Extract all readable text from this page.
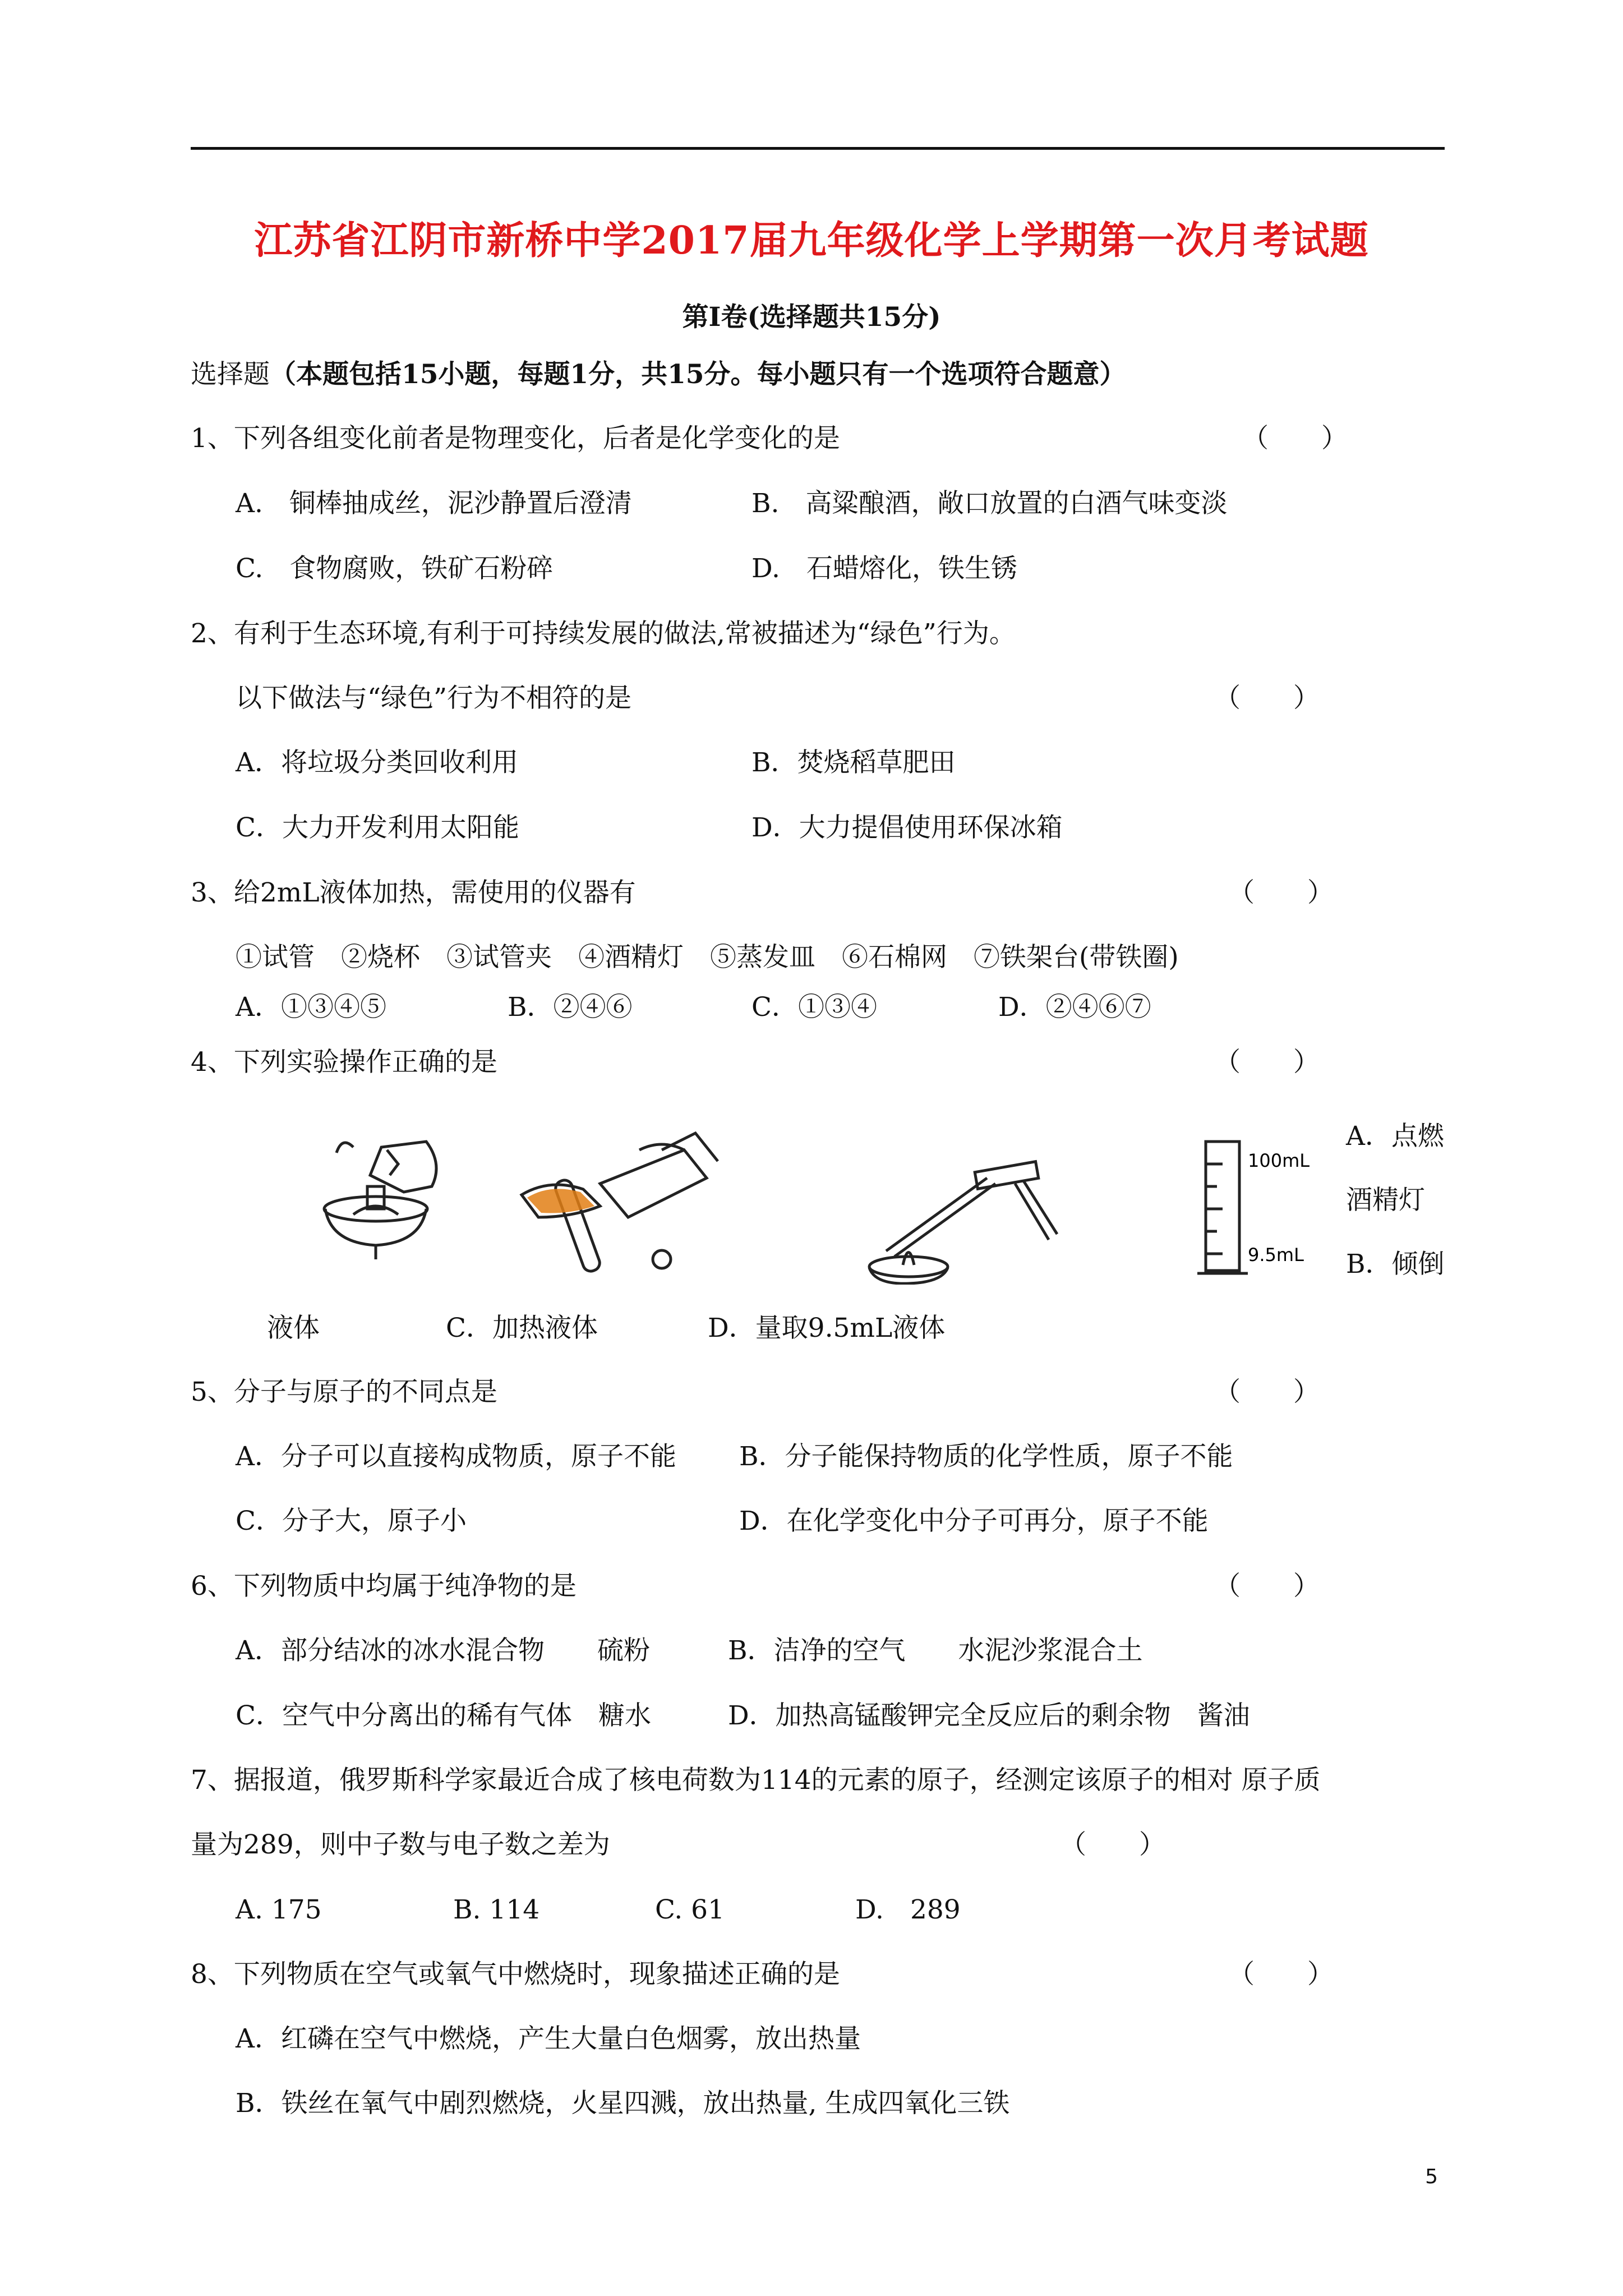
江苏省江阴市新桥中学2017届九年级化学上学期第一次月考试题
第Ⅰ卷(选择题共15分)
选择题（本题包括15小题，每题1分，共15分。每小题只有一个选项符合题意）
1、下列各组变化前者是物理变化，后者是化学变化的是	（　　）
A.　铜棒抽成丝，泥沙静置后澄清	B.　高粱酿酒，敞口放置的白酒气味变淡
C.　食物腐败，铁矿石粉碎	D.　石蜡熔化，铁生锈
2、有利于生态环境,有利于可持续发展的做法,常被描述为“绿色”行为。
以下做法与“绿色”行为不相符的是	（　　）
A．将垃圾分类回收利用	B．焚烧稻草肥田
C．大力开发利用太阳能	D．大力提倡使用环保冰箱
3、给2mL液体加热，需使用的仪器有	（　　）
①试管　②烧杯　③试管夹　④酒精灯　⑤蒸发皿　⑥石棉网　⑦铁架台(带铁圈)
A．①③④⑤	B．②④⑥	C．①③④	D．②④⑥⑦
4、下列实验操作正确的是	（　　）
100mL
9.5mL
A．点燃
酒精灯
B．倾倒
液体	C．加热液体	D．量取9.5mL液体
5、分子与原子的不同点是	（　　）
A．分子可以直接构成物质，原子不能 B．分子能保持物质的化学性质，原子不能
C．分子大，原子小	D．在化学变化中分子可再分，原子不能
6、下列物质中均属于纯净物的是	（　　）
A．部分结冰的冰水混合物　　硫粉	B．洁净的空气　　水泥沙浆混合土
C．空气中分离出的稀有气体　糖水	D．加热高锰酸钾完全反应后的剩余物　酱油
7、据报道，俄罗斯科学家最近合成了核电荷数为114的元素的原子，经测定该原子的相对 原子质
量为289，则中子数与电子数之差为	（　　）
A. 175	B. 114	C. 61	D.　289
8、下列物质在空气或氧气中燃烧时，现象描述正确的是	（　　）
A．红磷在空气中燃烧，产生大量白色烟雾，放出热量
B．铁丝在氧气中剧烈燃烧，火星四溅，放出热量, 生成四氧化三铁
5
